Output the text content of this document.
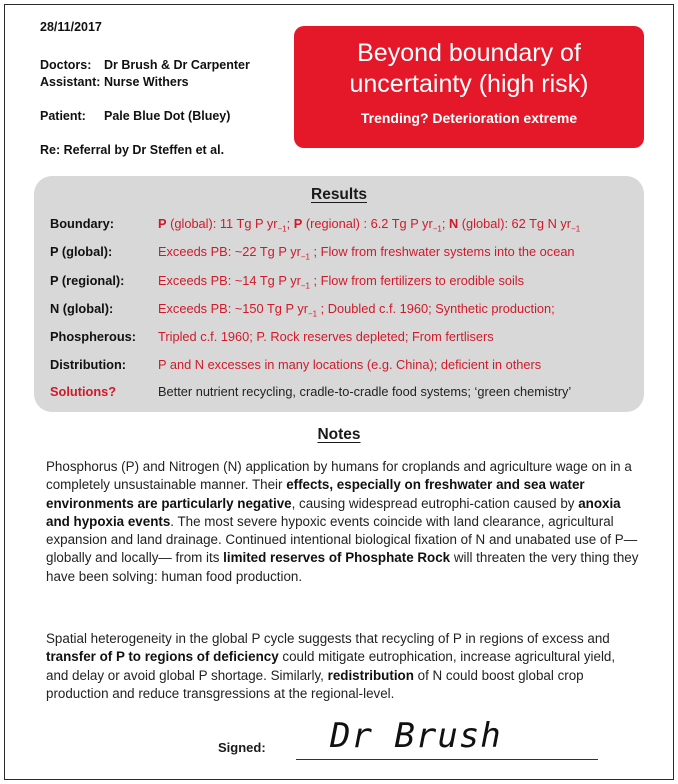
28/11/2017
Doctors:	Dr Brush & Dr Carpenter
Assistant: Nurse Withers
Patient:	Pale Blue Dot (Bluey)
Re: Referral by Dr Steffen et al.
Beyond boundary of
uncertainty (high risk)
Trending? Deterioration extreme
Results
Boundary:	P (global): 11 Tg P $yr_{-1}$; P (regional) : 6.2 Tg P $yr_{-1}$; N (global): 62 Tg N $yr_{-1}$
P (global):	Exceeds PB: ~22 Tg P $yr_{-1}$ ; Flow from freshwater systems into the ocean
P (regional):	Exceeds PB: ~14 Tg P $yr_{-1}$ ; Flow from fertilizers to erodible soils
N (global):	Exceeds PB: ~150 Tg P $yr_{-1}$ ; Doubled c.f. 1960; Synthetic production;
Phospherous:	Tripled c.f. 1960; P. Rock reserves depleted; From fertlisers
Distribution:	P and N excesses in many locations (e.g. China); deficient in others
Solutions?	Better nutrient recycling, cradle-to-cradle food systems; ‘green chemistry’
Notes
Phosphorus (P) and Nitrogen (N) application by humans for croplands and agriculture wage on in a completely unsustainable manner. Their effects, especially on freshwater and sea water environments are particularly negative, causing widespread eutrophi-cation caused by anoxia and hypoxia events. The most severe hypoxic events coincide with land clearance, agricultural expansion and land drainage. Continued intentional biological fixation of N and unabated use of P—globally and locally— from its limited reserves of Phosphate Rock will threaten the very thing they have been solving: human food production.
Spatial heterogeneity in the global P cycle suggests that recycling of P in regions of excess and transfer of P to regions of deficiency could mitigate eutrophication, increase agricultural yield, and delay or avoid global P shortage. Similarly, redistribution of N could boost global crop production and reduce transgressions at the regional-level.
Signed: Dr Brush
